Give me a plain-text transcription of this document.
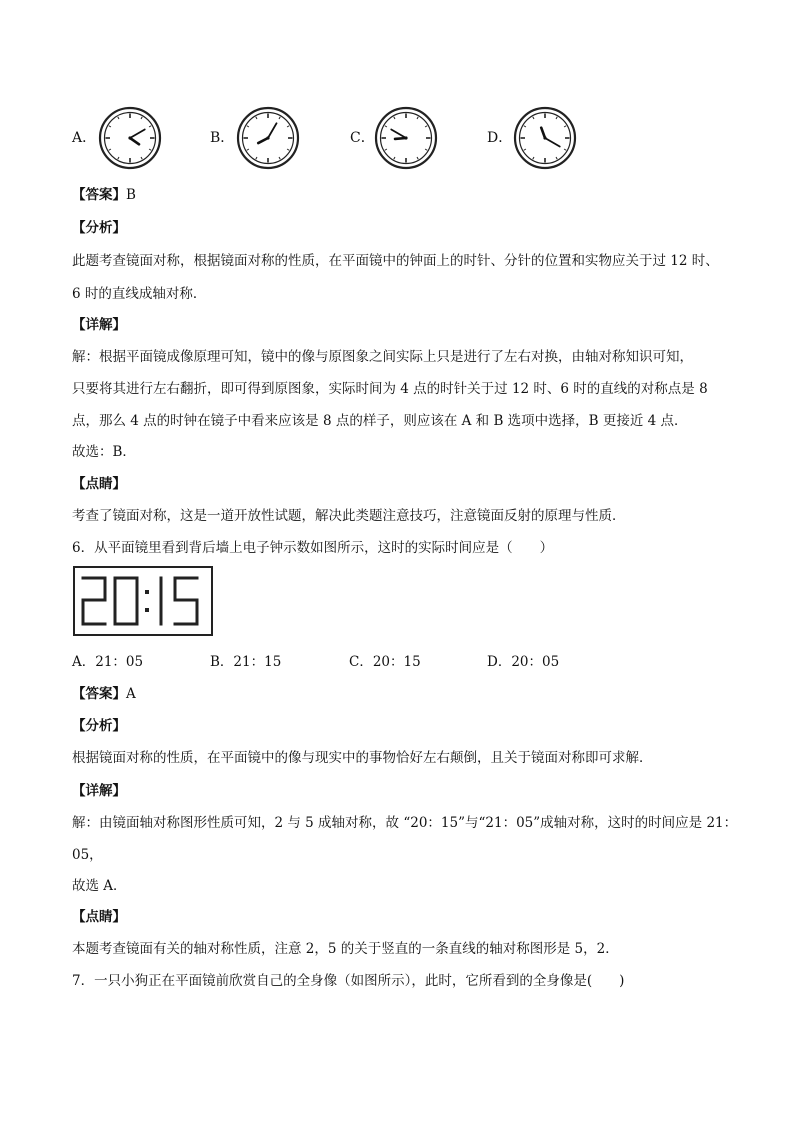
A．	B．	C．	D．
【答案】B
【分析】
此题考查镜面对称，根据镜面对称的性质，在平面镜中的钟面上的时针、分针的位置和实物应关于过 12 时、
6 时的直线成轴对称．
【详解】
解：根据平面镜成像原理可知，镜中的像与原图象之间实际上只是进行了左右对换，由轴对称知识可知，
只要将其进行左右翻折，即可得到原图象，实际时间为 4 点的时针关于过 12 时、6 时的直线的对称点是 8
点，那么 4 点的时钟在镜子中看来应该是 8 点的样子，则应该在 A 和 B 选项中选择，B 更接近 4 点．
故选：B．
【点睛】
考查了镜面对称，这是一道开放性试题，解决此类题注意技巧，注意镜面反射的原理与性质．
6．从平面镜里看到背后墙上电子钟示数如图所示，这时的实际时间应是（　　）
A．21：05	B．21：15	C．20：15	D．20：05
【答案】A
【分析】
根据镜面对称的性质，在平面镜中的像与现实中的事物恰好左右颠倒，且关于镜面对称即可求解．
【详解】
解：由镜面轴对称图形性质可知，2 与 5 成轴对称，故 “20：15”与“21：05”成轴对称，这时的时间应是 21：
05，
故选 A．
【点睛】
本题考查镜面有关的轴对称性质，注意 2，5 的关于竖直的一条直线的轴对称图形是 5，2．
7．一只小狗正在平面镜前欣赏自己的全身像（如图所示），此时，它所看到的全身像是(　　)
